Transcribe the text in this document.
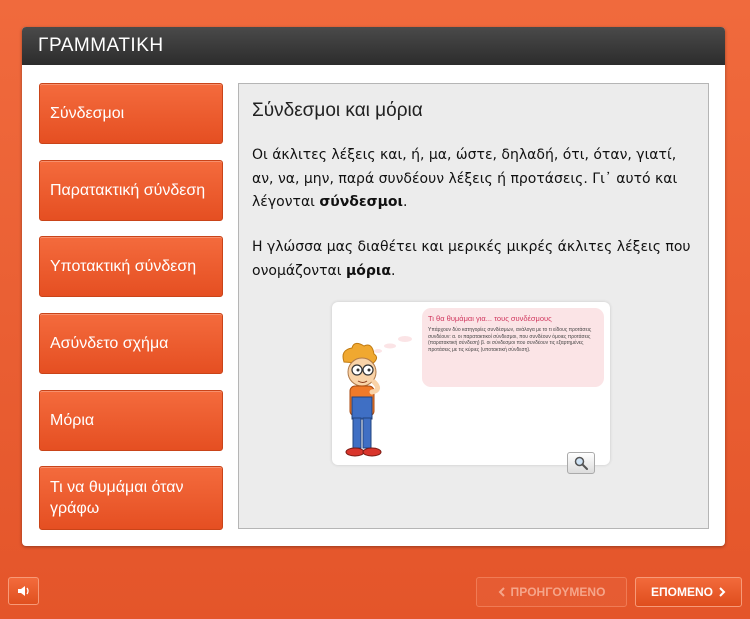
ΓΡΑΜΜΑΤΙΚΗ
Σύνδεσμοι
Παρατακτική σύνδεση
Υποτακτική σύνδεση
Ασύνδετο σχήμα
Μόρια
Τι να θυμάμαι όταν γράφω
Σύνδεσμοι και μόρια
Οι άκλιτες λέξεις και, ή, μα, ώστε, δηλαδή, ότι, όταν, γιατί, αν, να, μην, παρά συνδέουν λέξεις ή προτάσεις. Γι᾽ αυτό και λέγονται σύνδεσμοι.
Η γλώσσα μας διαθέτει και μερικές μικρές άκλιτες λέξεις που ονομάζονται μόρια.
Τι θα θυμάμαι για... τους συνδέσμους
Υπάρχουν δύο κατηγορίες συνδέσμων, ανάλογα με το τι είδους προτάσεις συνδέουν: α. οι παρατακτικοί σύνδεσμοι, που συνδέουν όμοιες προτάσεις (παρατακτική σύνδεση) β. οι σύνδεσμοι που συνδέουν τις εξαρτημένες προτάσεις με τις κύριες (υποτακτική σύνδεση).
ΠΡΟΗΓΟΥΜΕΝΟ	ΕΠΟΜΕΝΟ
